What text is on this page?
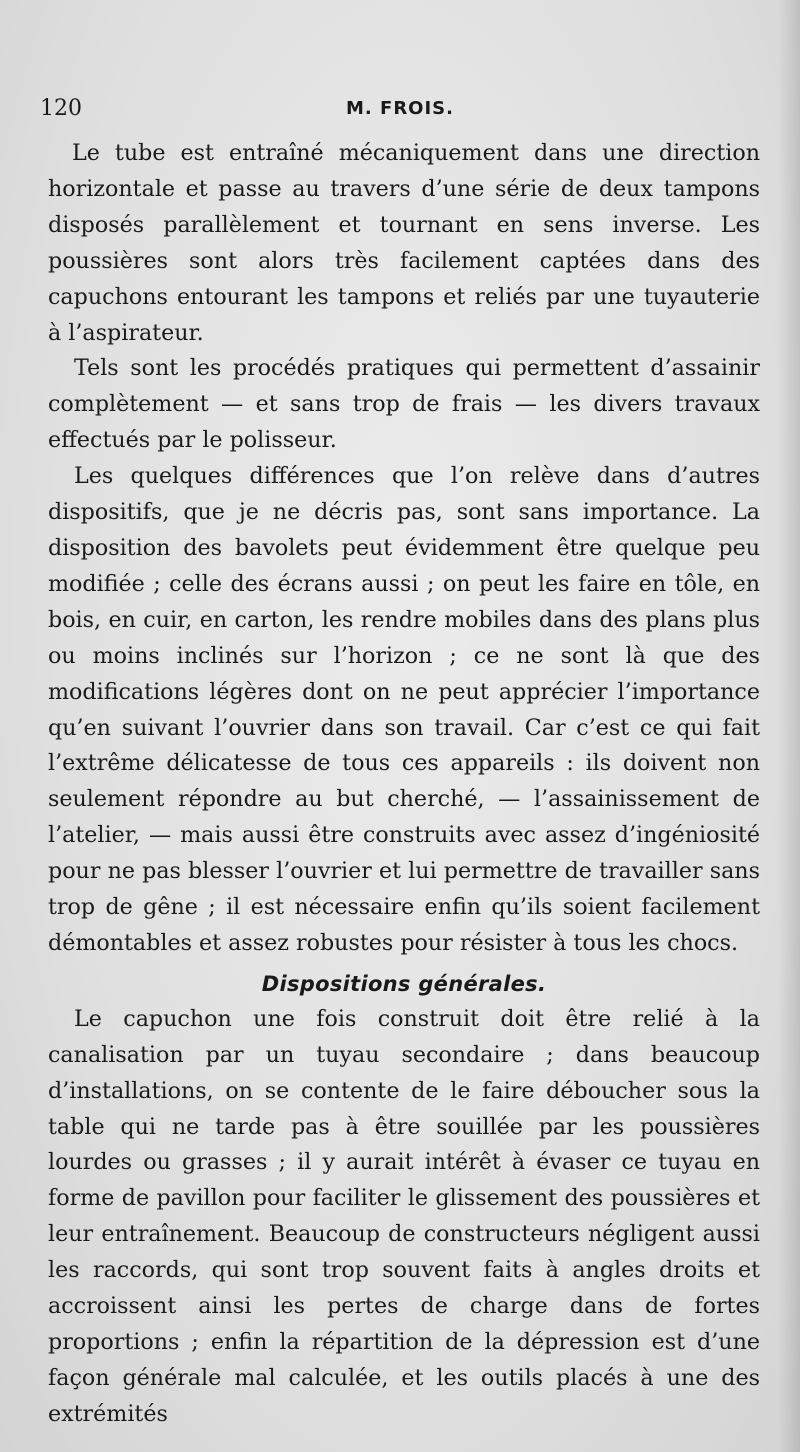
120	M. FROIS.

Le tube est entraîné mécaniquement dans une direction horizontale et passe au travers d’une série de deux tampons disposés parallèlement et tournant en sens inverse. Les poussières sont alors très facilement captées dans des capuchons entourant les tampons et reliés par une tuyauterie à l’aspirateur.

Tels sont les procédés pratiques qui permettent d’assainir complètement — et sans trop de frais — les divers travaux effectués par le polisseur.

Les quelques différences que l’on relève dans d’autres dispositifs, que je ne décris pas, sont sans importance. La disposition des bavolets peut évidemment être quelque peu modifiée ; celle des écrans aussi ; on peut les faire en tôle, en bois, en cuir, en carton, les rendre mobiles dans des plans plus ou moins inclinés sur l’horizon ; ce ne sont là que des modifications légères dont on ne peut apprécier l’importance qu’en suivant l’ouvrier dans son travail. Car c’est ce qui fait l’extrême délicatesse de tous ces appareils : ils doivent non seulement répondre au but cherché, — l’assainissement de l’atelier, — mais aussi être construits avec assez d’ingéniosité pour ne pas blesser l’ouvrier et lui permettre de travailler sans trop de gêne ; il est nécessaire enfin qu’ils soient facilement démontables et assez robustes pour résister à tous les chocs.

Dispositions générales.

Le capuchon une fois construit doit être relié à la canalisation par un tuyau secondaire ; dans beaucoup d’installations, on se contente de le faire déboucher sous la table qui ne tarde pas à être souillée par les poussières lourdes ou grasses ; il y aurait intérêt à évaser ce tuyau en forme de pavillon pour faciliter le glissement des poussières et leur entraînement. Beaucoup de constructeurs négligent aussi les raccords, qui sont trop souvent faits à angles droits et accroissent ainsi les pertes de charge dans de fortes proportions ; enfin la répartition de la dépression est d’une façon générale mal calculée, et les outils placés à une des extrémités
